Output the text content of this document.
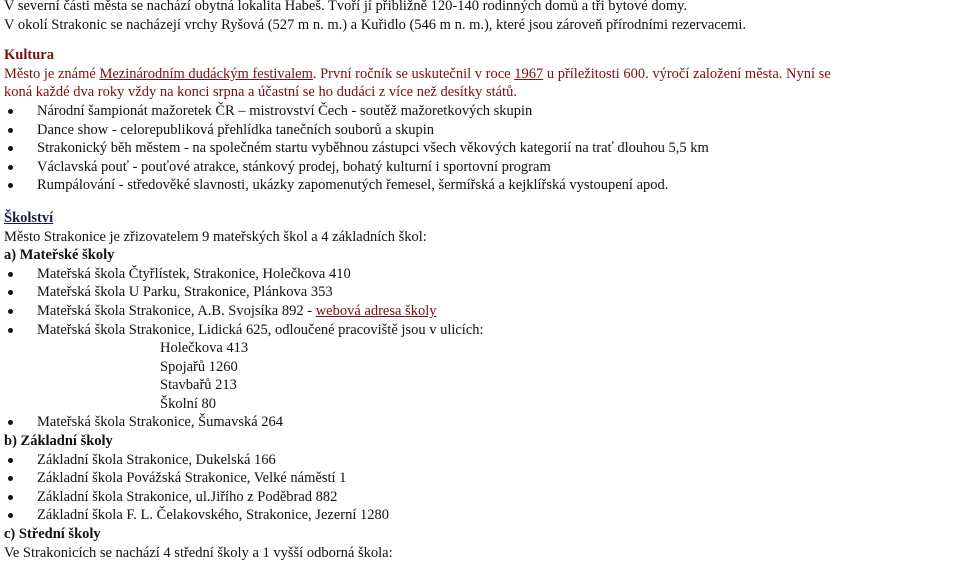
V severní části města se nachází obytná lokalita Habeš. Tvoří jí přibližně 120-140 rodinných domů a tři bytové domy.
V okolí Strakonic se nacházejí vrchy Ryšová (527 m n. m.) a Kuřidlo (546 m n. m.), které jsou zároveň přírodními rezervacemi.
Kultura
Město je známé Mezinárodním dudáckým festivalem. První ročník se uskutečnil v roce 1967 u příležitosti 600. výročí založení města. Nyní se
koná každé dva roky vždy na konci srpna a účastní se ho dudáci z více než desítky států.
Národní šampionát mažoretek ČR – mistrovství Čech - soutěž mažoretkových skupin
Dance show - celorepubliková přehlídka tanečních souborů a skupin
Strakonický běh městem - na společném startu vyběhnou zástupci všech věkových kategorií na trať dlouhou 5,5 km
Václavská pouť - pouťové atrakce, stánkový prodej, bohatý kulturní i sportovní program
Rumpálování - středověké slavnosti, ukázky zapomenutých řemesel, šermířská a kejklířská vystoupení apod.
Školství
Město Strakonice je zřizovatelem 9 mateřských škol a 4 základních škol:
a) Mateřské školy
Mateřská škola Čtyřlístek, Strakonice, Holečkova 410
Mateřská škola U Parku, Strakonice, Plánkova 353
Mateřská škola Strakonice, A.B. Svojsíka 892 - webová adresa školy
Mateřská škola Strakonice, Lidická 625, odloučené pracoviště jsou v ulicích:
Holečkova 413
Spojařů 1260
Stavbařů 213
Školní 80
Mateřská škola Strakonice, Šumavská 264
b) Základní školy
Základní škola Strakonice, Dukelská 166
Základní škola Povážská Strakonice, Velké náměstí 1
Základní škola Strakonice, ul.Jiřího z Poděbrad 882
Základní škola F. L. Čelakovského, Strakonice, Jezerní 1280
c) Střední školy
Ve Strakonicích se nachází 4 střední školy a 1 vyšší odborná škola:
